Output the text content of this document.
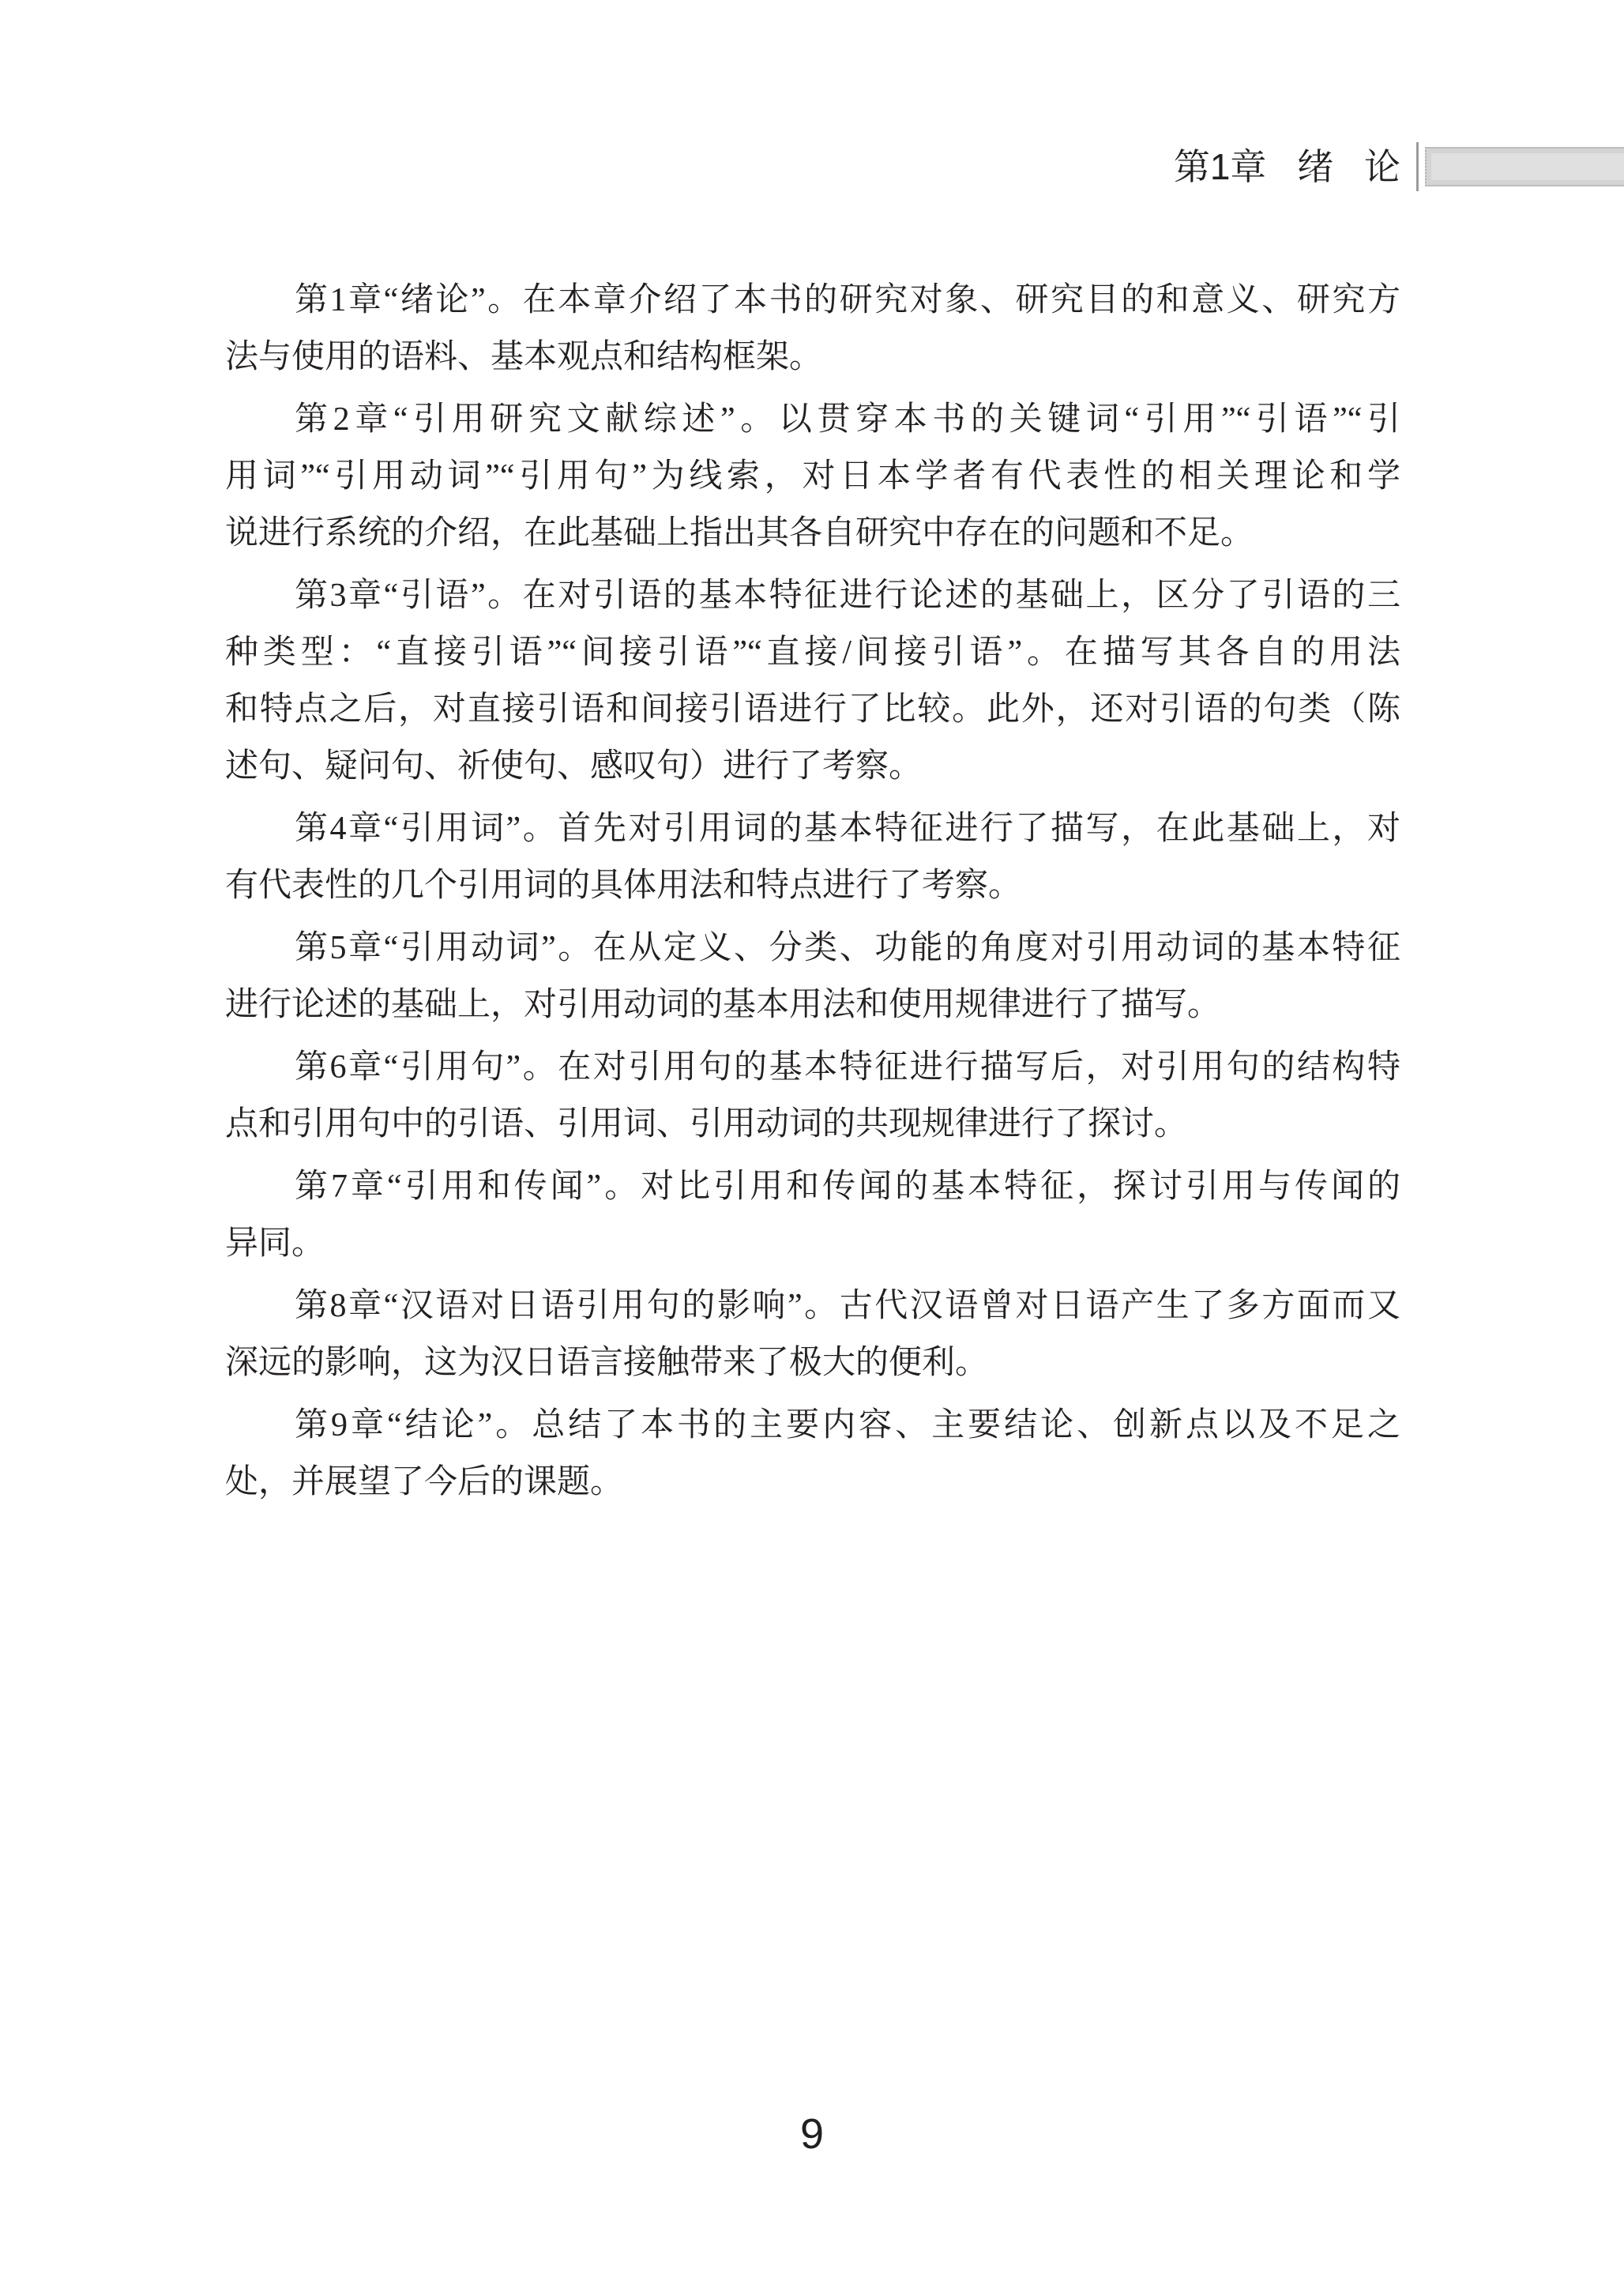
第1章 绪 论
第1章“绪论”。在本章介绍了本书的研究对象、研究目的和意义、研究方
法与使用的语料、基本观点和结构框架。
第2章“引用研究文献综述”。以贯穿本书的关键词“引用”“引语”“引
用词”“引用动词”“引用句”为线索，对日本学者有代表性的相关理论和学
说进行系统的介绍，在此基础上指出其各自研究中存在的问题和不足。
第3章“引语”。在对引语的基本特征进行论述的基础上，区分了引语的三
种类型：“直接引语”“间接引语”“直接/间接引语”。在描写其各自的用法
和特点之后，对直接引语和间接引语进行了比较。此外，还对引语的句类（陈
述句、疑问句、祈使句、感叹句）进行了考察。
第4章“引用词”。首先对引用词的基本特征进行了描写，在此基础上，对
有代表性的几个引用词的具体用法和特点进行了考察。
第5章“引用动词”。在从定义、分类、功能的角度对引用动词的基本特征
进行论述的基础上，对引用动词的基本用法和使用规律进行了描写。
第6章“引用句”。在对引用句的基本特征进行描写后，对引用句的结构特
点和引用句中的引语、引用词、引用动词的共现规律进行了探讨。
第7章“引用和传闻”。对比引用和传闻的基本特征，探讨引用与传闻的
异同。
第8章“汉语对日语引用句的影响”。古代汉语曾对日语产生了多方面而又
深远的影响，这为汉日语言接触带来了极大的便利。
第9章“结论”。总结了本书的主要内容、主要结论、创新点以及不足之
处，并展望了今后的课题。
9
